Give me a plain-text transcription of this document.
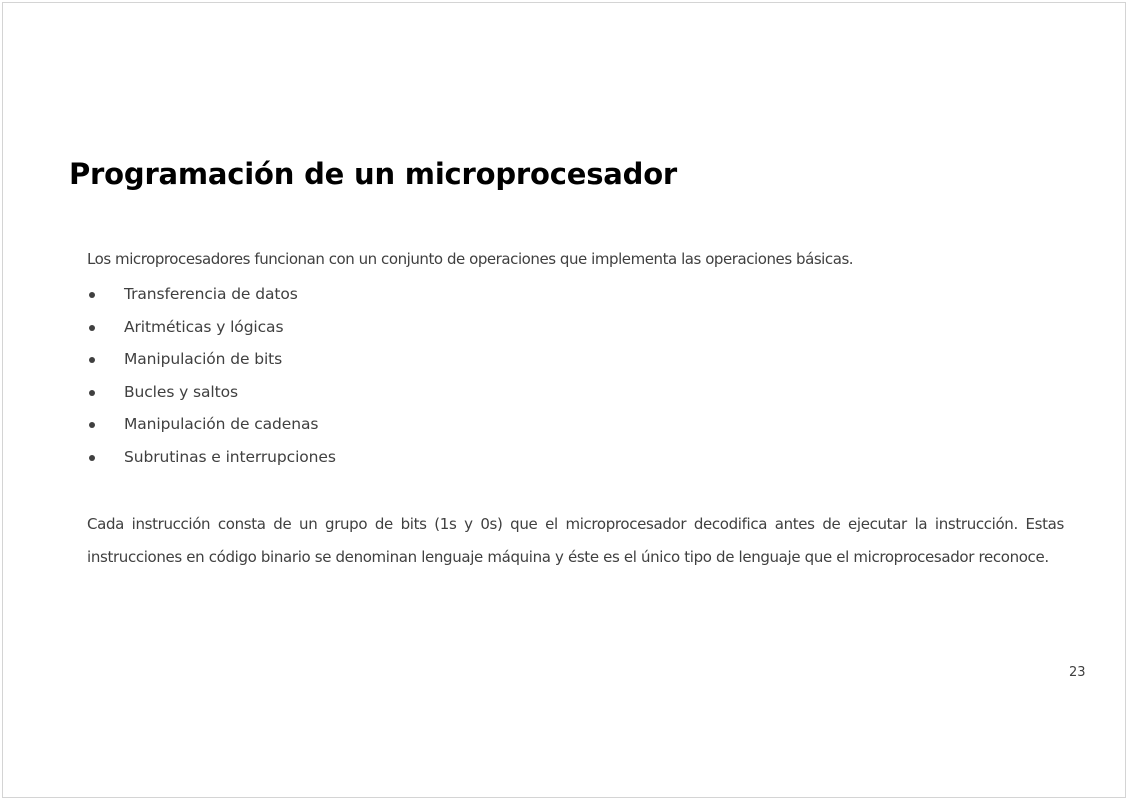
Programación de un microprocesador

Los microprocesadores funcionan con un conjunto de operaciones que implementa las operaciones básicas.

Transferencia de datos
Aritméticas y lógicas
Manipulación de bits
Bucles y saltos
Manipulación de cadenas
Subrutinas e interrupciones

Cada instrucción consta de un grupo de bits (1s y 0s) que el microprocesador decodifica antes de ejecutar la instrucción. Estas instrucciones en código binario se denominan lenguaje máquina y éste es el único tipo de lenguaje que el microprocesador reconoce.

23
